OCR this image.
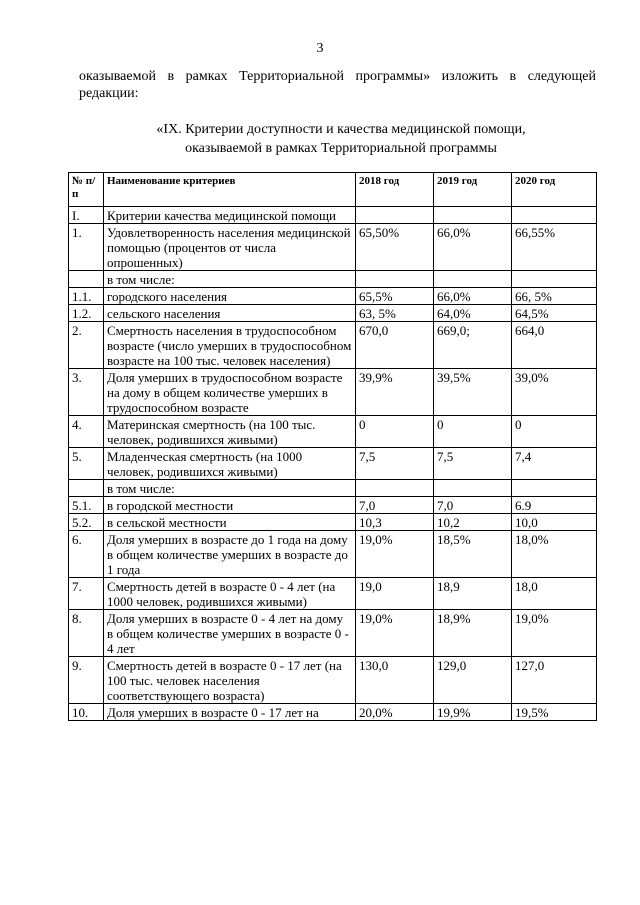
3
оказываемой в рамках Территориальной программы» изложить в следующей
редакции:
«IX. Критерии доступности и качества медицинской помощи,
оказываемой в рамках Территориальной программы
№ п/п	Наименование критериев	2018 год	2019 год	2020 год
I.	Критерии качества медицинской помощи			
1.	Удовлетворенность населения медицинской помощью (процентов от числа опрошенных)	65,50%	66,0%	66,55%
	в том числе:			
1.1.	городского населения	65,5%	66,0%	66, 5%
1.2.	сельского населения	63, 5%	64,0%	64,5%
2.	Смертность населения в трудоспособном возрасте (число умерших в трудоспособном возрасте на 100 тыс. человек населения)	670,0	669,0;	664,0
3.	Доля умерших в трудоспособном возрасте на дому в общем количестве умерших в трудоспособном возрасте	39,9%	39,5%	39,0%
4.	Материнская смертность (на 100 тыс. человек, родившихся живыми)	0	0	0
5.	Младенческая смертность (на 1000 человек, родившихся живыми)	7,5	7,5	7,4
	в том числе:			
5.1.	в городской местности	7,0	7,0	6.9
5.2.	в сельской местности	10,3	10,2	10,0
6.	Доля умерших в возрасте до 1 года на дому в общем количестве умерших в возрасте до 1 года	19,0%	18,5%	18,0%
7.	Смертность детей в возрасте 0 - 4 лет (на 1000 человек, родившихся живыми)	19,0	18,9	18,0
8.	Доля умерших в возрасте 0 - 4 лет на дому в общем количестве умерших в возрасте 0 - 4 лет	19,0%	18,9%	19,0%
9.	Смертность детей в возрасте 0 - 17 лет (на 100 тыс. человек населения соответствующего возраста)	130,0	129,0	127,0
10.	Доля умерших в возрасте 0 - 17 лет на	20,0%	19,9%	19,5%
